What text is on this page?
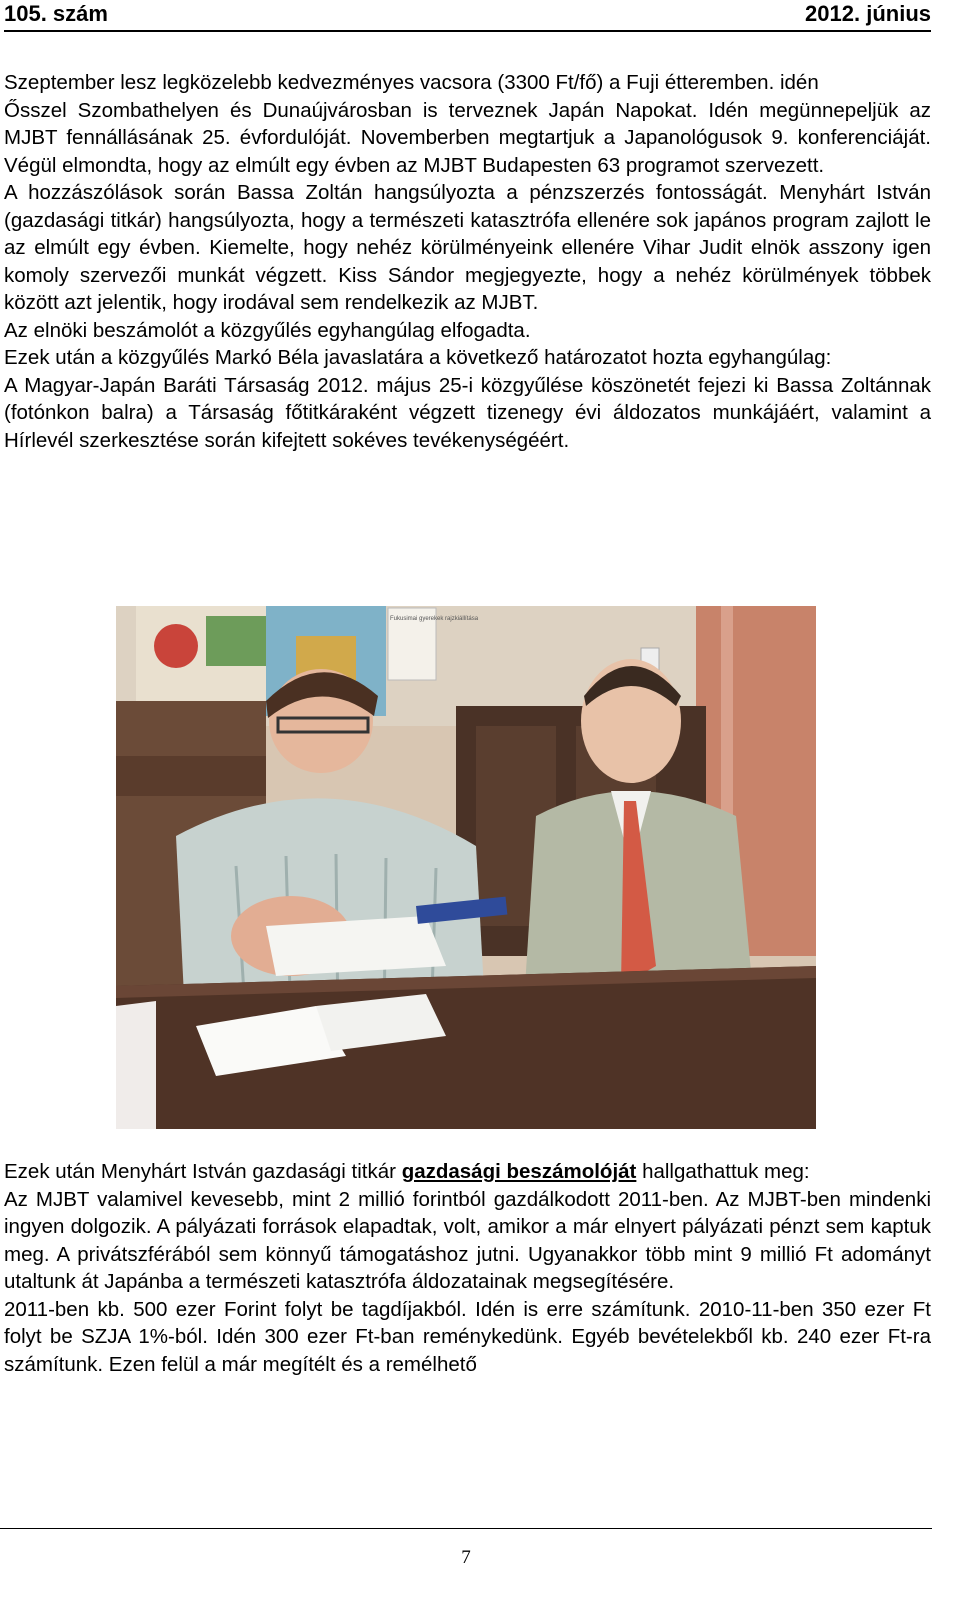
105. szám	2012. június

Szeptember lesz legközelebb kedvezményes vacsora (3300 Ft/fő) a Fuji étteremben. idén

Ősszel Szombathelyen és Dunaújvárosban is terveznek Japán Napokat. Idén megünnepeljük az MJBT fennállásának 25. évfordulóját. Novemberben megtartjuk a Japanológusok 9. konferenciáját. Végül elmondta, hogy az elmúlt egy évben az MJBT Budapesten 63 programot szervezett.

A hozzászólások során Bassa Zoltán hangsúlyozta a pénzszerzés fontosságát. Menyhárt István (gazdasági titkár) hangsúlyozta, hogy a természeti katasztrófa ellenére sok japános program zajlott le az elmúlt egy évben. Kiemelte, hogy nehéz körülményeink ellenére Vihar Judit elnök asszony igen komoly szervezői munkát végzett. Kiss Sándor megjegyezte, hogy a nehéz körülmények többek között azt jelentik, hogy irodával sem rendelkezik az MJBT.

Az elnöki beszámolót a közgyűlés egyhangúlag elfogadta.

Ezek után a közgyűlés Markó Béla javaslatára a következő határozatot hozta egyhangúlag:

A Magyar-Japán Baráti Társaság 2012. május 25-i közgyűlése köszönetét fejezi ki Bassa Zoltánnak (fotónkon balra) a Társaság főtitkáraként végzett tizenegy évi áldozatos munkájáért, valamint a Hírlevél szerkesztése során kifejtett sokéves tevékenységéért.

Fukusimai gyerekek rajzkiállítása

Ezek után Menyhárt István gazdasági titkár gazdasági beszámolóját hallgathattuk meg:

Az MJBT valamivel kevesebb, mint 2 millió forintból gazdálkodott 2011-ben. Az MJBT-ben mindenki ingyen dolgozik. A pályázati források elapadtak, volt, amikor a már elnyert pályázati pénzt sem kaptuk meg. A privátszférából sem könnyű támogatáshoz jutni. Ugyanakkor több mint 9 millió Ft adományt utaltunk át Japánba a természeti katasztrófa áldozatainak megsegítésére.

2011-ben kb. 500 ezer Forint folyt be tagdíjakból. Idén is erre számítunk. 2010-11-ben 350 ezer Ft folyt be SZJA 1%-ból. Idén 300 ezer Ft-ban reménykedünk. Egyéb bevételekből kb. 240 ezer Ft-ra számítunk. Ezen felül a már megítélt és a remélhető

7
